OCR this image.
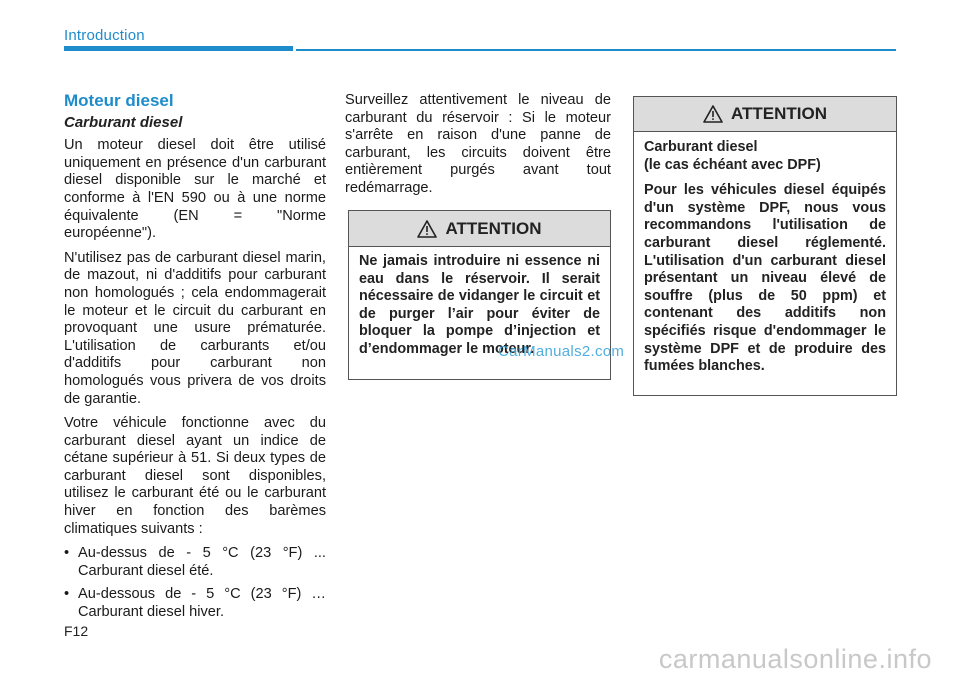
Introduction
Moteur diesel
Carburant diesel

Un moteur diesel doit être utilisé uniquement en présence d'un carburant diesel disponible sur le marché et conforme à l'EN 590 ou à une norme équivalente (EN = "Norme européenne").

N'utilisez pas de carburant diesel marin, de mazout, ni d'additifs pour carburant non homologués ; cela endommagerait le moteur et le circuit du carburant en provoquant une usure prématurée. L'utilisation de carburants et/ou d'additifs pour carburant non homologués vous privera de vos droits de garantie.

Votre véhicule fonctionne avec du carburant diesel ayant un indice de cétane supérieur à 51. Si deux types de carburant diesel sont disponibles, utilisez le carburant été ou le carburant hiver en fonction des barèmes climatiques suivants :

• Au-dessus de - 5 °C (23 °F) ... Carburant diesel été.
• Au-dessous de - 5 °C (23 °F) … Carburant diesel hiver.

Surveillez attentivement le niveau de carburant du réservoir : Si le moteur s'arrête en raison d'une panne de carburant, les circuits doivent être entièrement purgés avant tout redémarrage.

ATTENTION

Ne jamais introduire ni essence ni eau dans le réservoir. Il serait nécessaire de vidanger le circuit et de purger l’air pour éviter de bloquer la pompe d’injection et d’endommager le moteur.

ATTENTION

Carburant diesel
(le cas échéant avec DPF)

Pour les véhicules diesel équipés d'un système DPF, nous vous recommandons l'utilisation de carburant diesel réglementé. L'utilisation d'un carburant diesel présentant un niveau élevé de souffre (plus de 50 ppm) et contenant des additifs non spécifiés risque d'endommager le système DPF et de produire des fumées blanches.

CarManuals2.com
F12
carmanualsonline.info
